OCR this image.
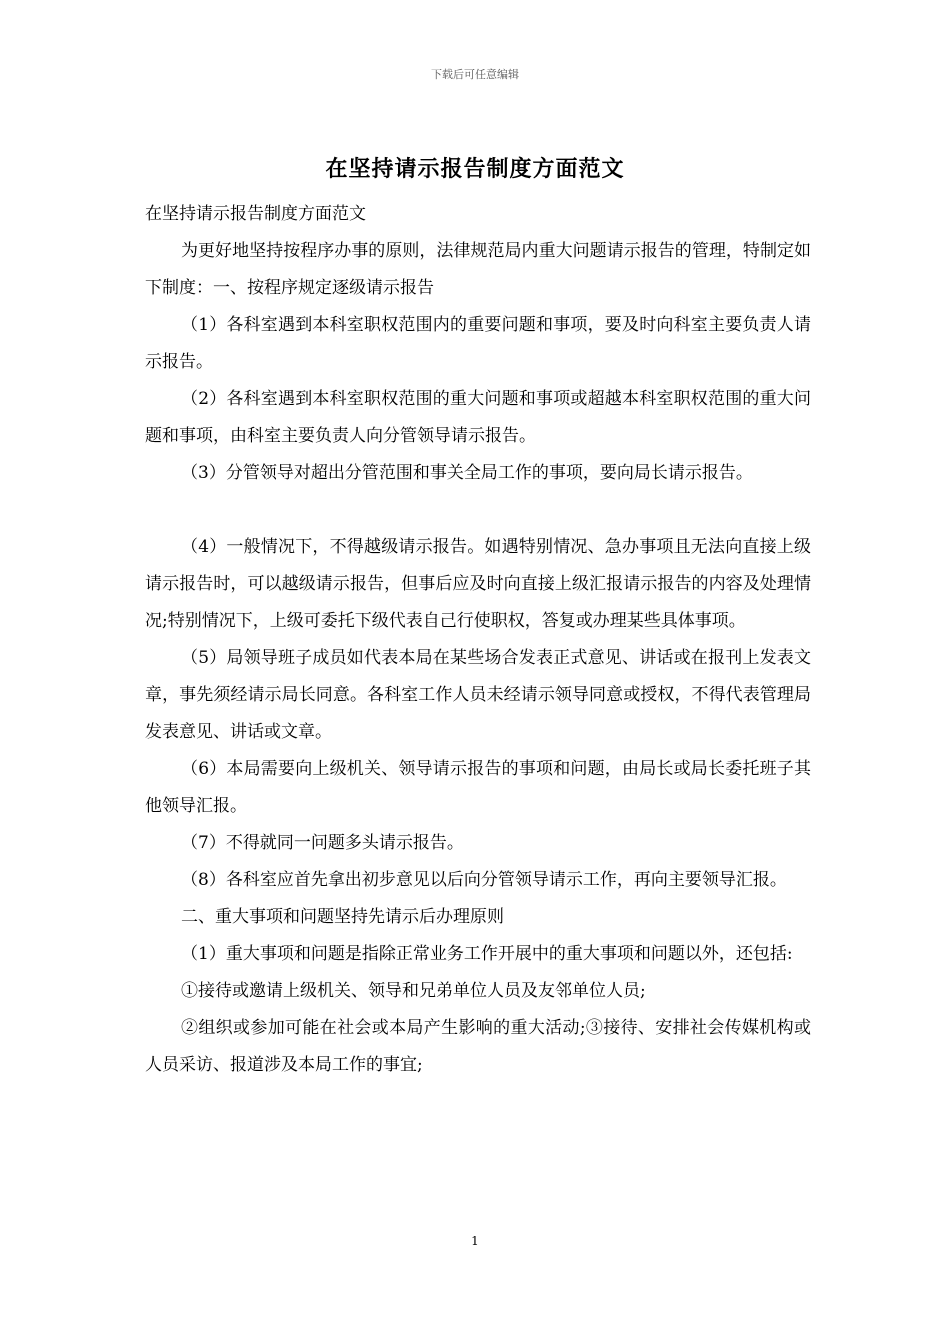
下载后可任意编辑
在坚持请示报告制度方面范文

在坚持请示报告制度方面范文

为更好地坚持按程序办事的原则，法律规范局内重大问题请示报告的管理，特制定如下制度：一、按程序规定逐级请示报告

（1）各科室遇到本科室职权范围内的重要问题和事项，要及时向科室主要负责人请示报告。

（2）各科室遇到本科室职权范围的重大问题和事项或超越本科室职权范围的重大问题和事项，由科室主要负责人向分管领导请示报告。

（3）分管领导对超出分管范围和事关全局工作的事项，要向局长请示报告。

（4）一般情况下，不得越级请示报告。如遇特别情况、急办事项且无法向直接上级请示报告时，可以越级请示报告，但事后应及时向直接上级汇报请示报告的内容及处理情况;特别情况下，上级可委托下级代表自己行使职权，答复或办理某些具体事项。

（5）局领导班子成员如代表本局在某些场合发表正式意见、讲话或在报刊上发表文章，事先须经请示局长同意。各科室工作人员未经请示领导同意或授权，不得代表管理局发表意见、讲话或文章。

（6）本局需要向上级机关、领导请示报告的事项和问题，由局长或局长委托班子其他领导汇报。

（7）不得就同一问题多头请示报告。

（8）各科室应首先拿出初步意见以后向分管领导请示工作，再向主要领导汇报。

二、重大事项和问题坚持先请示后办理原则

（1）重大事项和问题是指除正常业务工作开展中的重大事项和问题以外，还包括:

①接待或邀请上级机关、领导和兄弟单位人员及友邻单位人员;

②组织或参加可能在社会或本局产生影响的重大活动;③接待、安排社会传媒机构或人员采访、报道涉及本局工作的事宜;

1
